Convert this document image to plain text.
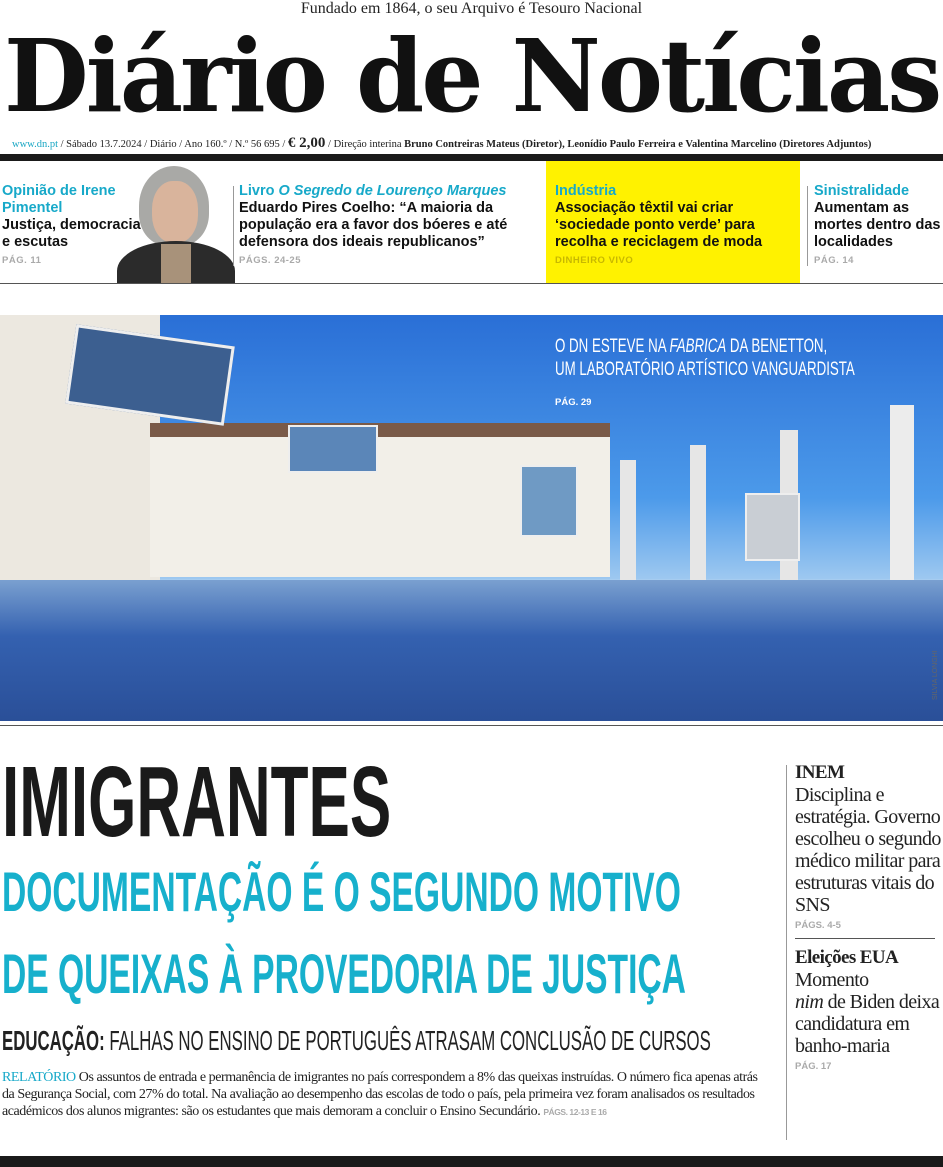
Fundado em 1864, o seu Arquivo é Tesouro Nacional
Diário de Notícias
www.dn.pt / Sábado 13.7.2024 / Diário / Ano 160.º / N.º 56 695 / € 2,00 / Direção interina Bruno Contreiras Mateus (Diretor), Leonídio Paulo Ferreira e Valentina Marcelino (Diretores Adjuntos)
Opinião de Irene Pimentel
Justiça, democracia e escutas
PÁG. 11
Livro O Segredo de Lourenço Marques
Eduardo Pires Coelho: “A maioria da população era a favor dos bóeres e até defensora dos ideais republicanos”
PÁGS. 24-25
Indústria
Associação têxtil vai criar ‘sociedade ponto verde’ para recolha e reciclagem de moda
DINHEIRO VIVO
Sinistralidade
Aumentam as mortes dentro das localidades
PÁG. 14
O DN ESTEVE NA FABRICA DA BENETTON,
UM LABORATÓRIO ARTÍSTICO VANGUARDISTA
PÁG. 29
SILVIA LONGHI
IMIGRANTES
DOCUMENTAÇÃO É O SEGUNDO MOTIVO
DE QUEIXAS À PROVEDORIA DE JUSTIÇA
EDUCAÇÃO: FALHAS NO ENSINO DE PORTUGUÊS ATRASAM CONCLUSÃO DE CURSOS
RELATÓRIO Os assuntos de entrada e permanência de imigrantes no país correspondem a 8% das queixas instruídas. O número fica apenas atrás da Segurança Social, com 27% do total. Na avaliação ao desempenho das escolas de todo o país, pela primeira vez foram analisados os resultados académicos dos alunos migrantes: são os estudantes que mais demoram a concluir o Ensino Secundário. PÁGS. 12-13 E 16
INEM
Disciplina e estratégia. Governo escolheu o segundo médico militar para estruturas vitais do SNS
PÁGS. 4-5
Eleições EUA
Momento
nim de Biden deixa candidatura em banho-maria
PÁG. 17
